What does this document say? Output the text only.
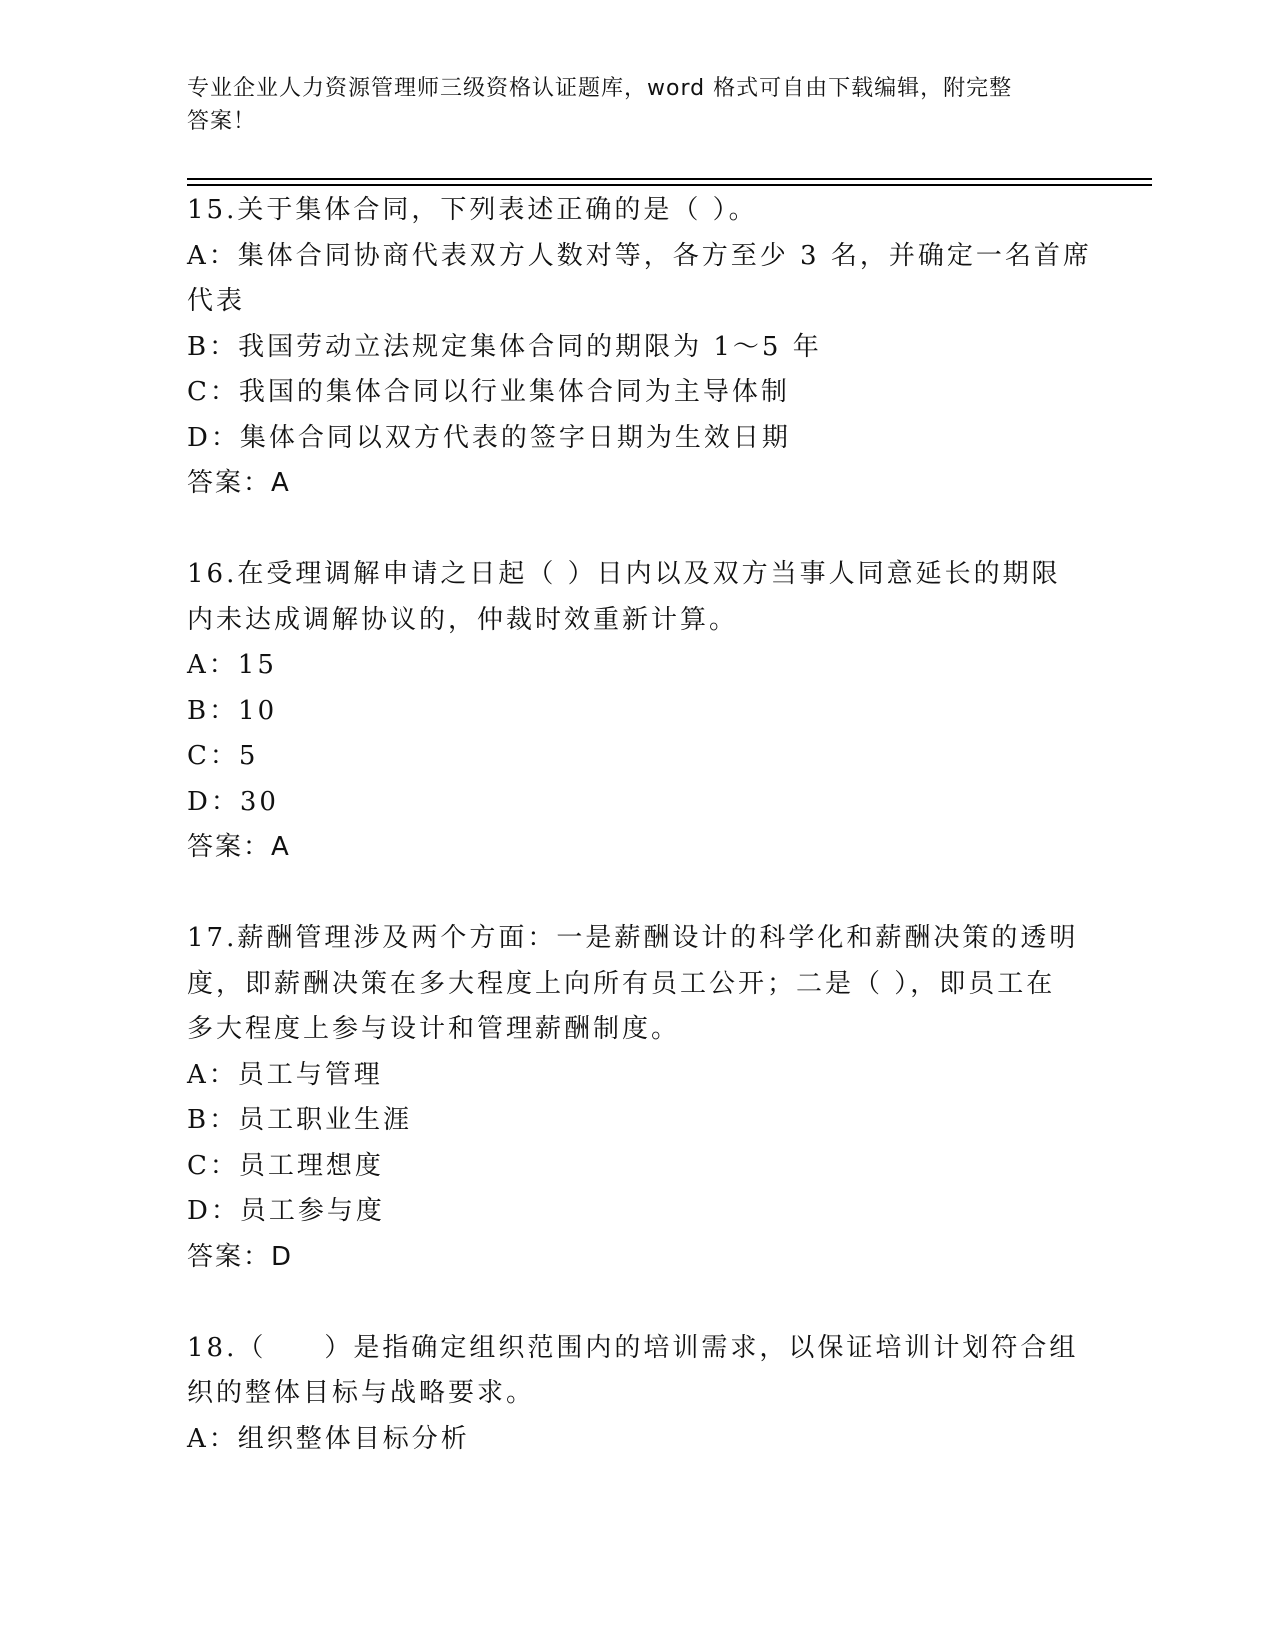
专业企业人力资源管理师三级资格认证题库，word 格式可自由下载编辑，附完整
答案！
15.关于集体合同，下列表述正确的是（ ）。
A：集体合同协商代表双方人数对等，各方至少 3 名，并确定一名首席
代表
B：我国劳动立法规定集体合同的期限为 1～5 年
C：我国的集体合同以行业集体合同为主导体制
D：集体合同以双方代表的签字日期为生效日期
答案：A
16.在受理调解申请之日起（ ）日内以及双方当事人同意延长的期限
内未达成调解协议的，仲裁时效重新计算。
A：15
B：10
C：5
D：30
答案：A
17.薪酬管理涉及两个方面：一是薪酬设计的科学化和薪酬决策的透明
度，即薪酬决策在多大程度上向所有员工公开；二是（ ），即员工在
多大程度上参与设计和管理薪酬制度。
A：员工与管理
B：员工职业生涯
C：员工理想度
D：员工参与度
答案：D
18.（　　）是指确定组织范围内的培训需求，以保证培训计划符合组
织的整体目标与战略要求。
A：组织整体目标分析
